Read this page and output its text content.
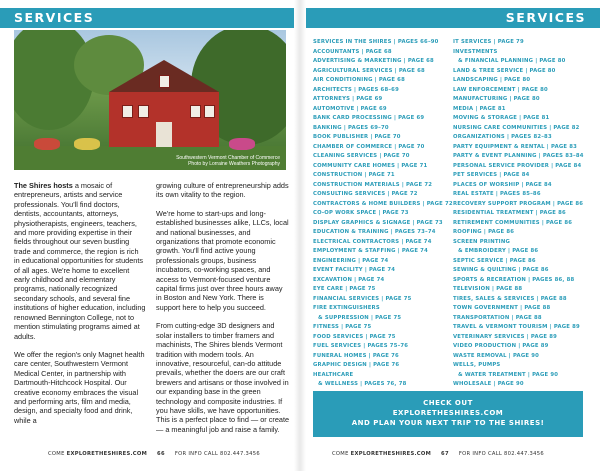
SERVICES	SERVICES
Southwestern Vermont Chamber of Commerce
Photo by Lorraine Weathers Photography

The Shires hosts a mosaic of entrepreneurs, artists and service professionals. You'll find doctors, dentists, accountants, attorneys, physiotherapists, engineers, teachers, and more providing expertise in their fields throughout our seven bustling trade and commerce, the region is rich in educational opportunities for students of all ages. We're home to excellent early childhood and elementary programs, nationally recognized secondary schools, and several fine institutions of higher education, including renowned Bennington College, not to mention stimulating programs aimed at adults.

We offer the region's only Magnet health care center, Southwestern Vermont Medical Center, in partnership with Dartmouth-Hitchcock Hospital. Our creative economy embraces the visual and performing arts, film and media, design, and specialty food and drink, while a

growing culture of entrepreneurship adds its own vitality to the region.

We're home to start-ups and long-established businesses alike, LLCs, local and national businesses, and organizations that promote economic growth. You'll find active young professionals groups, business incubators, co-working spaces, and access to Vermont-focused venture capital firms just over three hours away in Boston and New York. There is support here to help you succeed.

From cutting-edge 3D designers and solar installers to timber framers and machinists, The Shires blends Vermont tradition with modern tools. An innovative, resourceful, can-do attitude prevails, whether the doers are our craft brewers and artisans or those involved in our expanding base in the green technology and composite industries. If you have skills, we have opportunities. This is a perfect place to find — or create — a meaningful job and raise a family.

SERVICES IN THE SHIRES | PAGES 66–90
ACCOUNTANTS | PAGE 68
ADVERTISING & MARKETING | PAGE 68
AGRICULTURAL SERVICES | PAGE 68
AIR CONDITIONING | PAGE 68
ARCHITECTS | PAGES 68–69
ATTORNEYS | PAGE 69
AUTOMOTIVE | PAGE 69
BANK CARD PROCESSING | PAGE 69
BANKING | PAGES 69–70
BOOK PUBLISHER | PAGE 70
CHAMBER OF COMMERCE | PAGE 70
CLEANING SERVICES | PAGE 70
COMMUNITY CARE HOMES | PAGE 71
CONSTRUCTION | PAGE 71
CONSTRUCTION MATERIALS | PAGE 72
CONSULTING SERVICES | PAGE 72
CONTRACTORS & HOME BUILDERS | PAGE 72
CO-OP WORK SPACE | PAGE 73
DISPLAY GRAPHICS & SIGNAGE | PAGE 73
EDUCATION & TRAINING | PAGES 73–74
ELECTRICAL CONTRACTORS | PAGE 74
EMPLOYMENT & STAFFING | PAGE 74
ENGINEERING | PAGE 74
EVENT FACILITY | PAGE 74
EXCAVATION | PAGE 74
EYE CARE | PAGE 75
FINANCIAL SERVICES | PAGE 75
FIRE EXTINGUISHERS
& SUPPRESSION | PAGE 75
FITNESS | PAGE 75
FOOD SERVICES | PAGE 75
FUEL SERVICES | PAGES 75–76
FUNERAL HOMES | PAGE 76
GRAPHIC DESIGN | PAGE 76
HEALTHCARE
& WELLNESS | PAGES 76, 78
IT SERVICES | PAGE 79
INVESTMENTS
& FINANCIAL PLANNING | PAGE 80
LAND & TREE SERVICE | PAGE 80
LANDSCAPING | PAGE 80
LAW ENFORCEMENT | PAGE 80
MANUFACTURING | PAGE 80
MEDIA | PAGE 81
MOVING & STORAGE | PAGE 81
NURSING CARE COMMUNITIES | PAGE 82
ORGANIZATIONS | PAGES 82–83
PARTY EQUIPMENT & RENTAL | PAGE 83
PARTY & EVENT PLANNING | PAGES 83–84
PERSONAL SERVICE PROVIDER | PAGE 84
PET SERVICES | PAGE 84
PLACES OF WORSHIP | PAGE 84
REAL ESTATE | PAGES 85–86
RECOVERY SUPPORT PROGRAM | PAGE 86
RESIDENTIAL TREATMENT | PAGE 86
RETIREMENT COMMUNITIES | PAGE 86
ROOFING | PAGE 86
SCREEN PRINTING
& EMBROIDERY | PAGE 86
SEPTIC SERVICE | PAGE 86
SEWING & QUILTING | PAGE 86
SPORTS & RECREATION | PAGES 86, 88
TELEVISION | PAGE 88
TIRES, SALES & SERVICES | PAGE 88
TOWN GOVERNMENT | PAGE 88
TRANSPORTATION | PAGE 88
TRAVEL & VERMONT TOURISM | PAGE 89
VETERINARY SERVICES | PAGE 89
VIDEO PRODUCTION | PAGE 89
WASTE REMOVAL | PAGE 90
WELLS, PUMPS
& WATER TREATMENT | PAGE 90
WHOLESALE | PAGE 90
CHECK OUT
EXPLORETHESHIRES.COM
AND PLAN YOUR NEXT TRIP TO THE SHIRES!
COME EXPLORETHESHIRES.COM 66 FOR INFO CALL 802.447.3456	COME EXPLORETHESHIRES.COM 67 FOR INFO CALL 802.447.3456
